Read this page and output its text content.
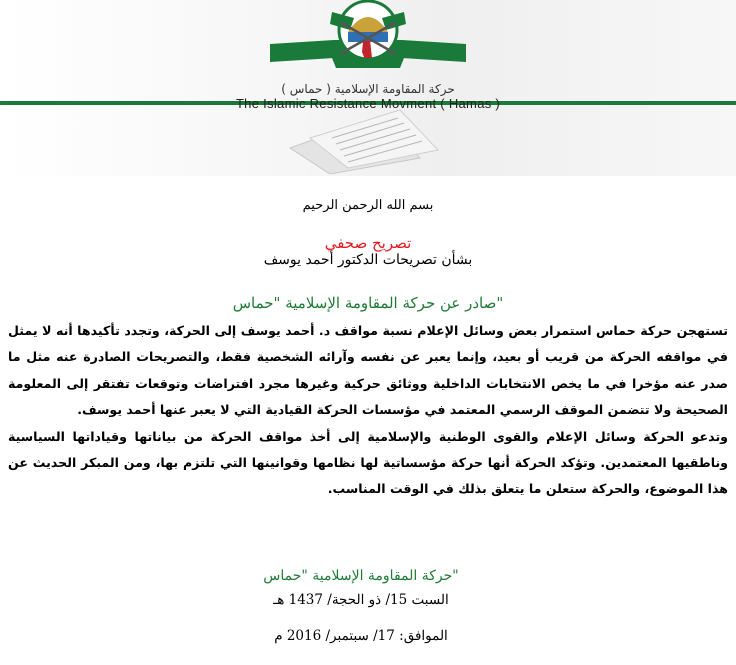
حركة المقاومة الإسلامية ( حماس )
The Islamic Resistance Movment ( Hamas )
بسم الله الرحمن الرحيم
تصريح صحفي
بشأن تصريحات الدكتور أحمد يوسف
"صادر عن حركة المقاومة الإسلامية "حماس

تستهجن حركة حماس استمرار بعض وسائل الإعلام نسبة مواقف د. أحمد يوسف إلى الحركة، وتجدد تأكيدها أنه لا يمثل في مواقفه الحركة من قريب أو بعيد، وإنما يعبر عن نفسه وآرائه الشخصية فقط، والتصريحات الصادرة عنه مثل ما صدر عنه مؤخرا في ما يخص الانتخابات الداخلية ووثائق حركية وغيرها مجرد افتراضات وتوقعات تفتقر إلى المعلومة الصحيحة ولا تتضمن الموقف الرسمي المعتمد في مؤسسات الحركة القيادية التي لا يعبر عنها أحمد يوسف.

وتدعو الحركة وسائل الإعلام والقوى الوطنية والإسلامية إلى أخذ مواقف الحركة من بياناتها وقياداتها السياسية وناطقيها المعتمدين. وتؤكد الحركة أنها حركة مؤسساتية لها نظامها وقوانينها التي تلتزم بها، ومن المبكر الحديث عن هذا الموضوع، والحركة ستعلن ما يتعلق بذلك في الوقت المناسب.

"حركة المقاومة الإسلامية "حماس
السبت 15/ ذو الحجة/ 1437 هـ
الموافق: 17/ سبتمبر/ 2016 م
